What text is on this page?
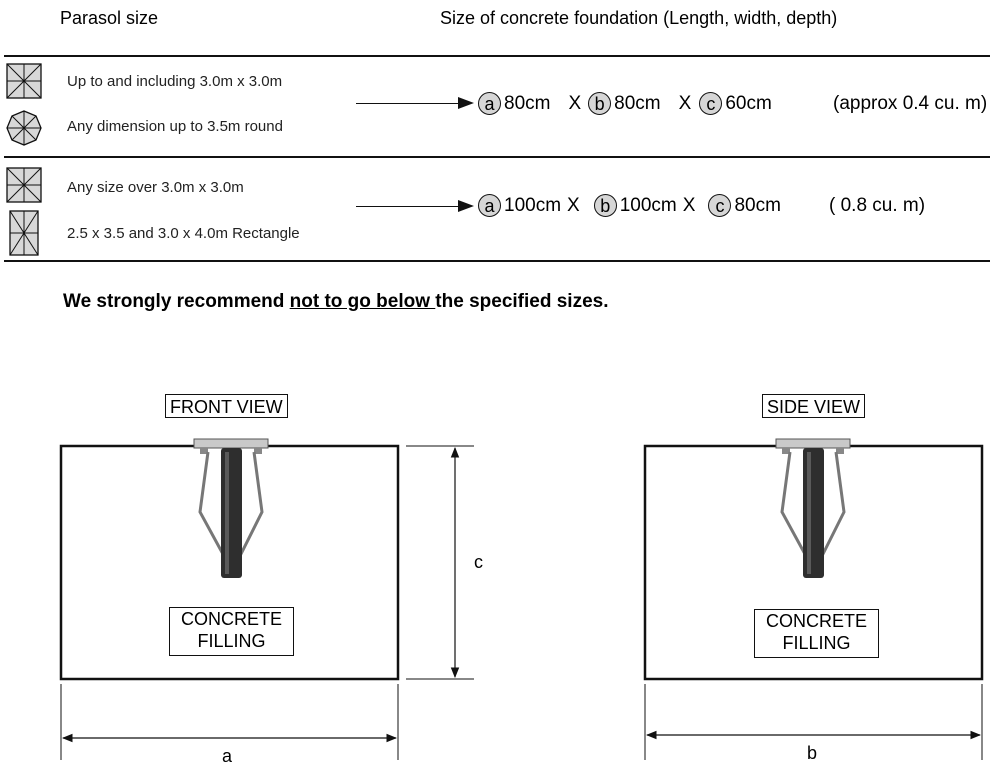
Parasol size	Size of concrete foundation (Length, width, depth)
Up to and including 3.0m x 3.0m
Any dimension up to 3.5m round
a 80cm X b 80cm X c 60cm	(approx 0.4 cu. m)
Any size over 3.0m x 3.0m
2.5 x 3.5 and 3.0 x 4.0m Rectangle
a 100cm X	b 100cm X	c 80cm	( 0.8 cu. m)
We strongly recommend not to go below the specified sizes.
FRONT VIEW	SIDE VIEW
CONCRETE
FILLING
CONCRETE
FILLING
a
c
b
